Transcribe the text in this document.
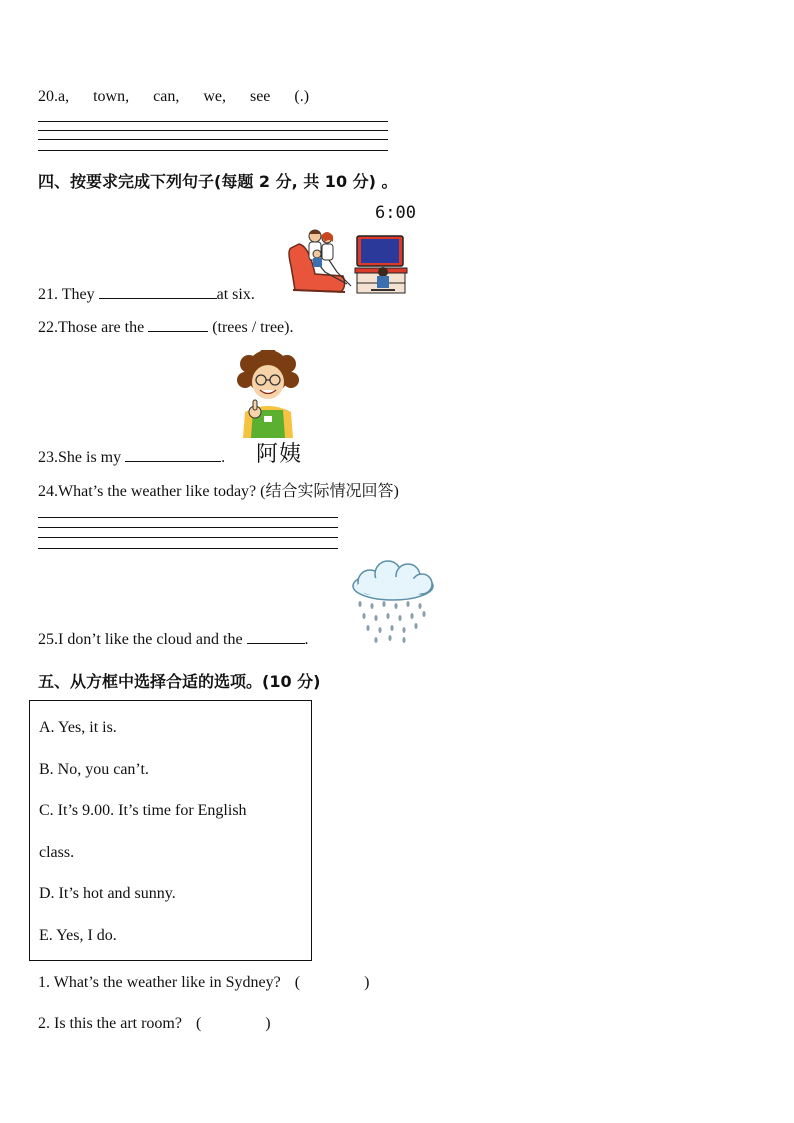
20.a, town, can, we, see (.)
四、按要求完成下列句子(每题 2 分, 共 10 分) 。
6:00
21. They	at six.
22.Those are the	(trees / tree).
阿姨
23.She is my	.
24.What’s the weather like today? (结合实际情况回答)
25.I don’t like the cloud and the	.
五、从方框中选择合适的选项。(10 分)
A. Yes, it is.
B. No, you can’t.
C. It’s 9.00. It’s time for English
class.
D. It’s hot and sunny.
E. Yes, I do.
1. What’s the weather like in Sydney? (	)
2. Is this the art room? (	)
